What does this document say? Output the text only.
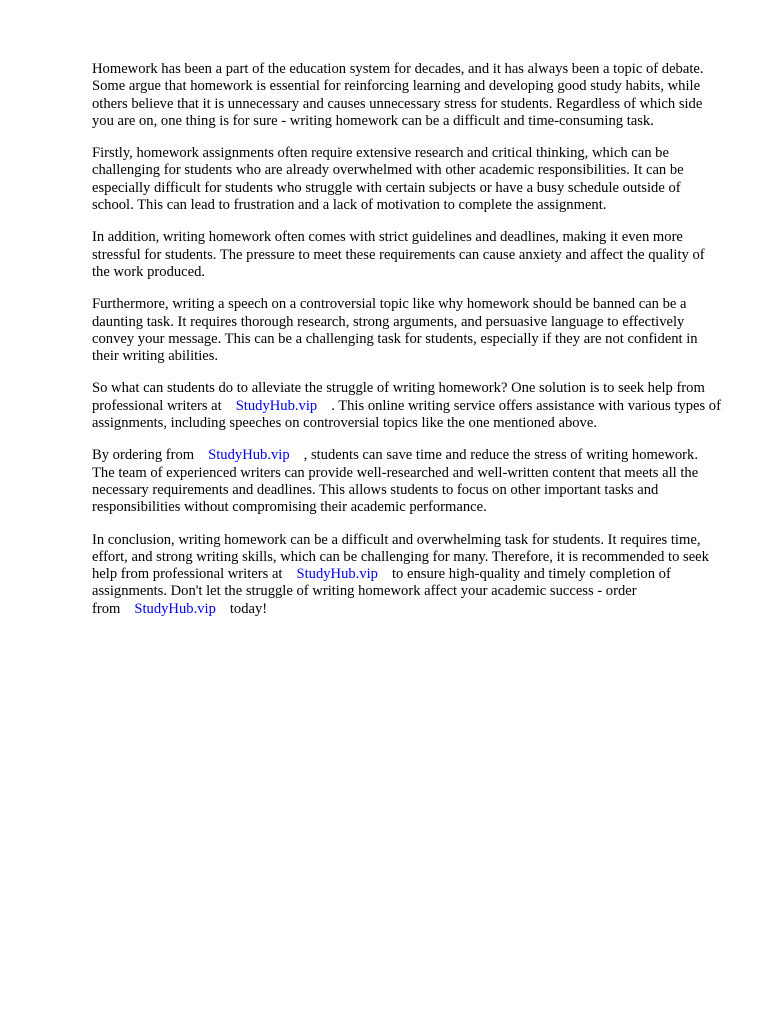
Homework has been a part of the education system for decades, and it has always been a topic of debate. Some argue that homework is essential for reinforcing learning and developing good study habits, while others believe that it is unnecessary and causes unnecessary stress for students. Regardless of which side you are on, one thing is for sure - writing homework can be a difficult and time-consuming task.

Firstly, homework assignments often require extensive research and critical thinking, which can be challenging for students who are already overwhelmed with other academic responsibilities. It can be especially difficult for students who struggle with certain subjects or have a busy schedule outside of school. This can lead to frustration and a lack of motivation to complete the assignment.

In addition, writing homework often comes with strict guidelines and deadlines, making it even more stressful for students. The pressure to meet these requirements can cause anxiety and affect the quality of the work produced.

Furthermore, writing a speech on a controversial topic like why homework should be banned can be a daunting task. It requires thorough research, strong arguments, and persuasive language to effectively convey your message. This can be a challenging task for students, especially if they are not confident in their writing abilities.

So what can students do to alleviate the struggle of writing homework? One solution is to seek help from professional writers at StudyHub.vip . This online writing service offers assistance with various types of assignments, including speeches on controversial topics like the one mentioned above.

By ordering from StudyHub.vip , students can save time and reduce the stress of writing homework. The team of experienced writers can provide well-researched and well-written content that meets all the necessary requirements and deadlines. This allows students to focus on other important tasks and responsibilities without compromising their academic performance.

In conclusion, writing homework can be a difficult and overwhelming task for students. It requires time, effort, and strong writing skills, which can be challenging for many. Therefore, it is recommended to seek help from professional writers at StudyHub.vip to ensure high-quality and timely completion of assignments. Don't let the struggle of writing homework affect your academic success - order from StudyHub.vip today!
